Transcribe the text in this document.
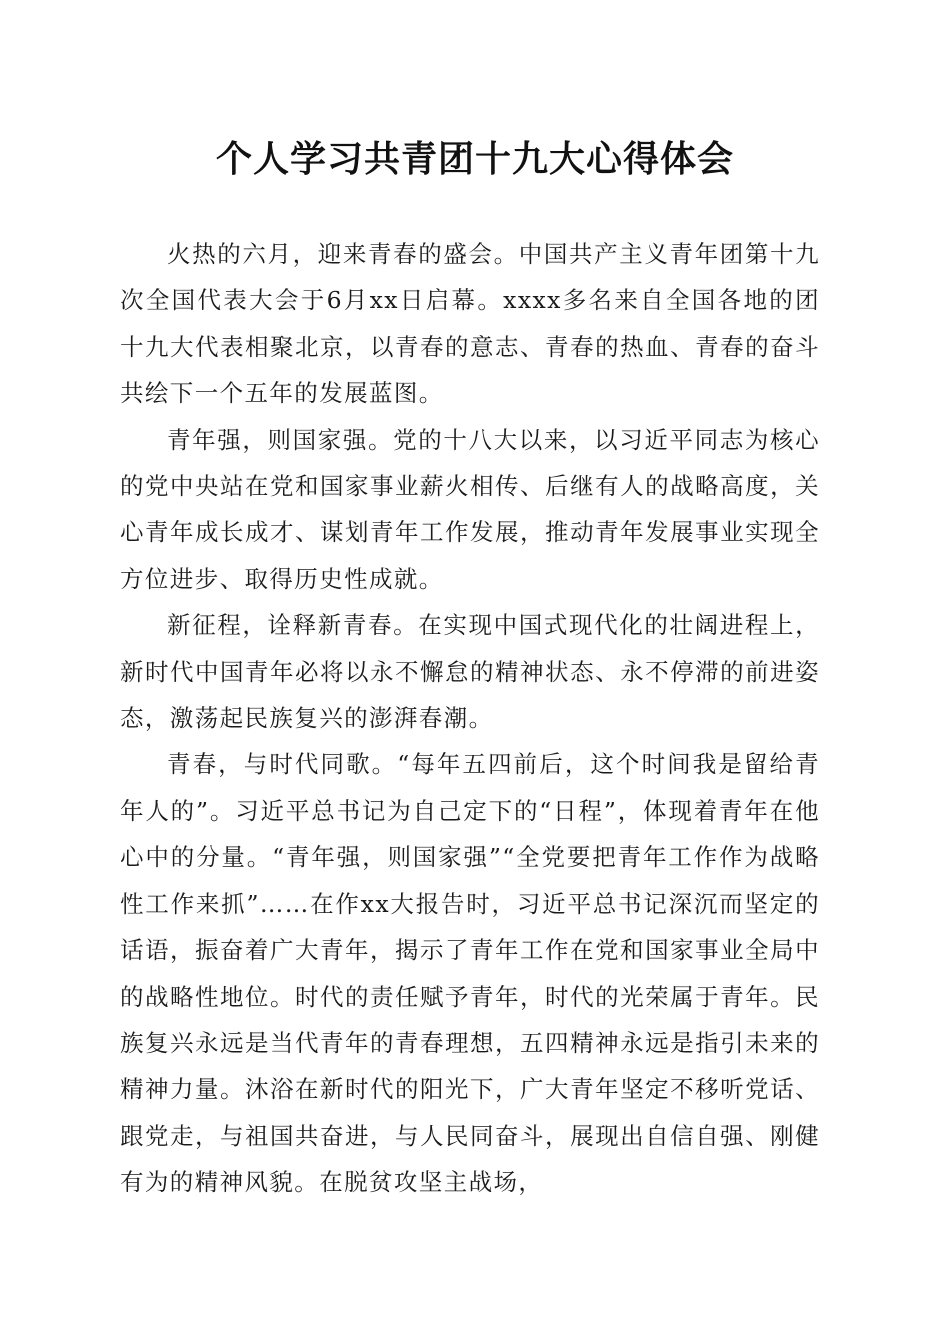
个人学习共青团十九大心得体会

火热的六月，迎来青春的盛会。中国共产主义青年团第十九次全国代表大会于6月xx日启幕。xxxx多名来自全国各地的团十九大代表相聚北京，以青春的意志、青春的热血、青春的奋斗共绘下一个五年的发展蓝图。

青年强，则国家强。党的十八大以来，以习近平同志为核心的党中央站在党和国家事业薪火相传、后继有人的战略高度，关心青年成长成才、谋划青年工作发展，推动青年发展事业实现全方位进步、取得历史性成就。

新征程，诠释新青春。在实现中国式现代化的壮阔进程上，新时代中国青年必将以永不懈怠的精神状态、永不停滞的前进姿态，激荡起民族复兴的澎湃春潮。

青春，与时代同歌。“每年五四前后，这个时间我是留给青年人的”。习近平总书记为自己定下的“日程”，体现着青年在他心中的分量。“青年强，则国家强”“全党要把青年工作作为战略性工作来抓”……在作xx大报告时，习近平总书记深沉而坚定的话语，振奋着广大青年，揭示了青年工作在党和国家事业全局中的战略性地位。时代的责任赋予青年，时代的光荣属于青年。民族复兴永远是当代青年的青春理想，五四精神永远是指引未来的精神力量。沐浴在新时代的阳光下，广大青年坚定不移听党话、跟党走，与祖国共奋进，与人民同奋斗，展现出自信自强、刚健有为的精神风貌。在脱贫攻坚主战场，
